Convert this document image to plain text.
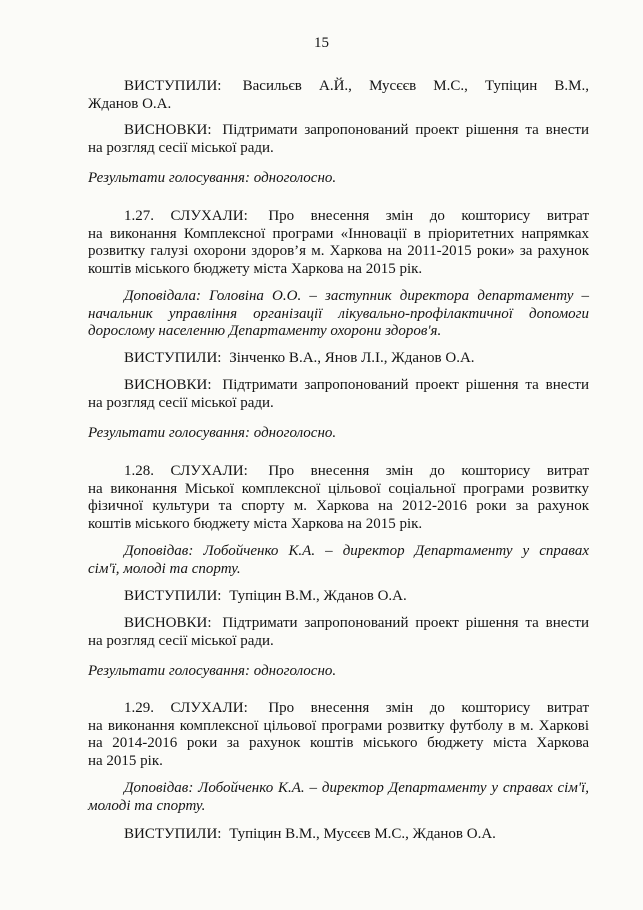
15
ВИСТУПИЛИ: Васильєв А.Й., Мусєєв М.С., Тупіцин В.М.,
Жданов О.А.
ВИСНОВКИ: Підтримати запропонований проект рішення та внести
на розгляд сесії міської ради.
Результати голосування: одноголосно.
1.27. СЛУХАЛИ: Про внесення змін до кошторису витрат
на виконання Комплексної програми «Інновації в пріоритетних напрямках
розвитку галузі охорони здоров’я м. Харкова на 2011-2015 роки» за рахунок
коштів міського бюджету міста Харкова на 2015 рік.
Доповідала: Головіна О.О. – заступник директора департаменту –
начальник управління організації лікувально-профілактичної допомоги
дорослому населенню Департаменту охорони здоров'я.
ВИСТУПИЛИ: Зінченко В.А., Янов Л.І., Жданов О.А.
ВИСНОВКИ: Підтримати запропонований проект рішення та внести
на розгляд сесії міської ради.
Результати голосування: одноголосно.
1.28. СЛУХАЛИ: Про внесення змін до кошторису витрат
на виконання Міської комплексної цільової соціальної програми розвитку
фізичної культури та спорту м. Харкова на 2012-2016 роки за рахунок
коштів міського бюджету міста Харкова на 2015 рік.
Доповідав: Лобойченко К.А. – директор Департаменту у справах
сім'ї, молоді та спорту.
ВИСТУПИЛИ: Тупіцин В.М., Жданов О.А.
ВИСНОВКИ: Підтримати запропонований проект рішення та внести
на розгляд сесії міської ради.
Результати голосування: одноголосно.
1.29. СЛУХАЛИ: Про внесення змін до кошторису витрат
на виконання комплексної цільової програми розвитку футболу в м. Харкові
на 2014-2016 роки за рахунок коштів міського бюджету міста Харкова
на 2015 рік.
Доповідав: Лобойченко К.А. – директор Департаменту у справах сім'ї,
молоді та спорту.
ВИСТУПИЛИ: Тупіцин В.М., Мусєєв М.С., Жданов О.А.
